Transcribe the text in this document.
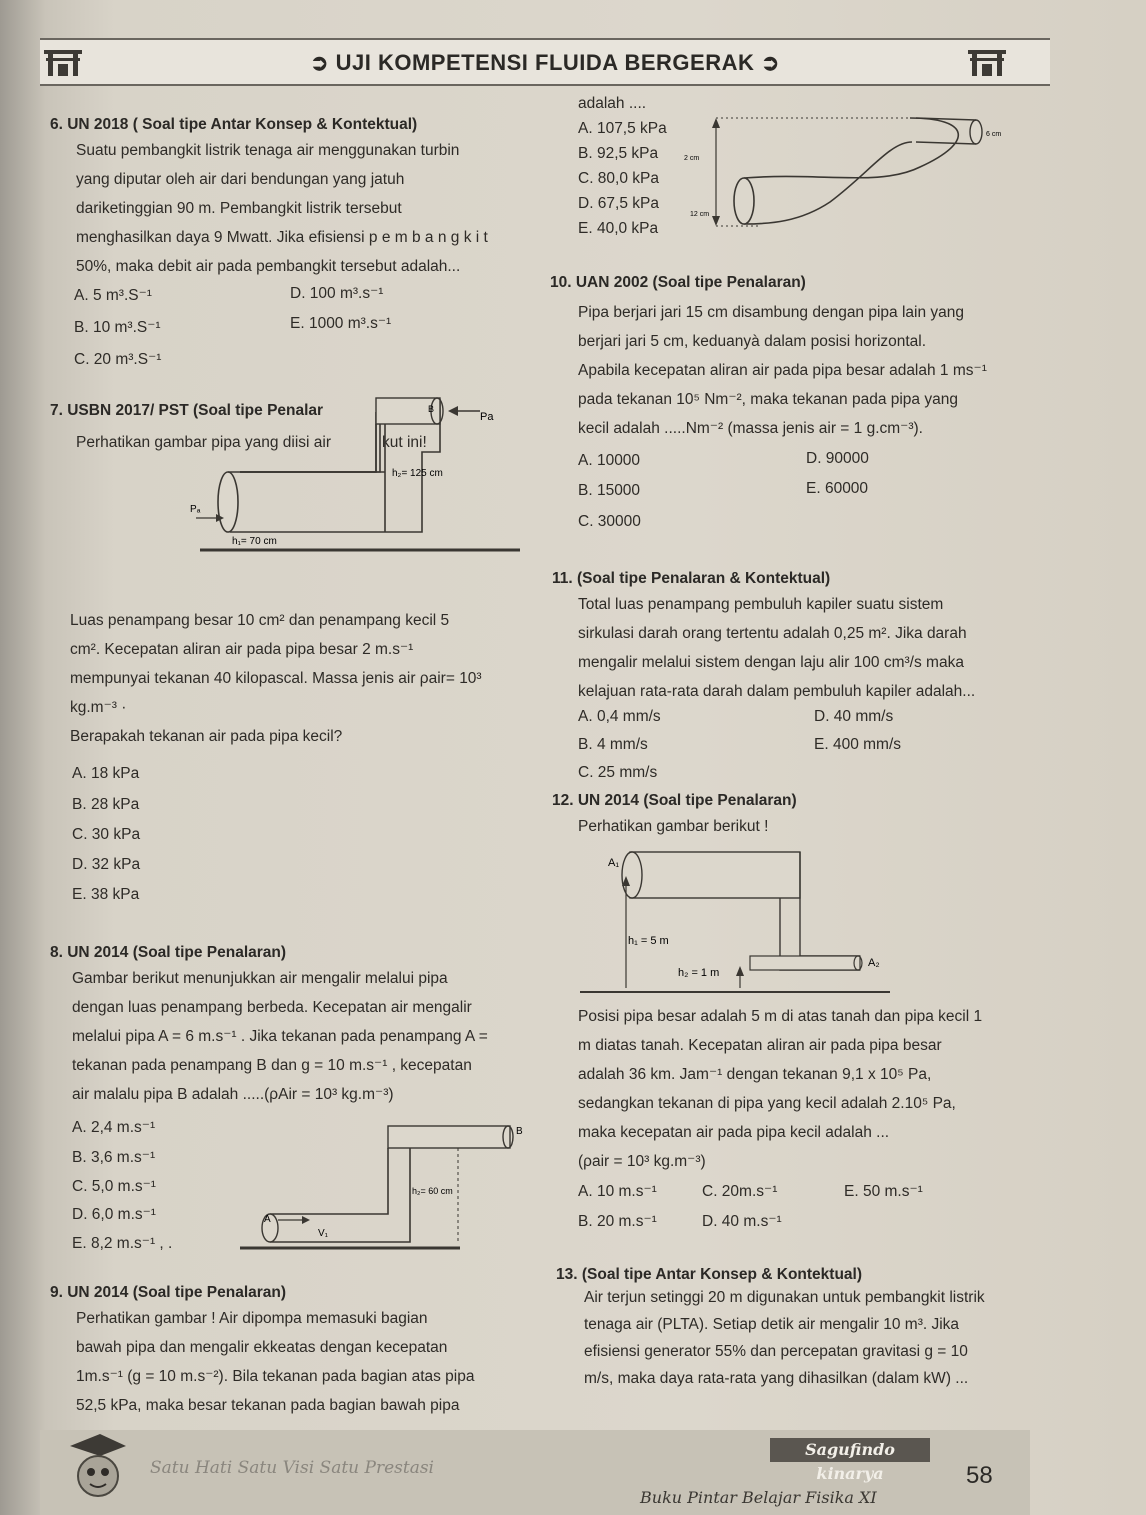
➲ UJI KOMPETENSI FLUIDA BERGERAK ➲
6. UN 2018 ( Soal tipe Antar Konsep & Kontektual)
Suatu pembangkit listrik tenaga air menggunakan turbin
yang diputar oleh air dari bendungan yang jatuh
dariketinggian 90 m. Pembangkit listrik tersebut
menghasilkan daya 9 Mwatt. Jika efisiensi p e m b a n g k i t
50%, maka debit air pada pembangkit tersebut adalah...
A. 5 m³.S⁻¹	D. 100 m³.s⁻¹
B. 10 m³.S⁻¹	E. 1000 m³.s⁻¹
C. 20 m³.S⁻¹
7. USBN 2017/ PST (Soal tipe Penalar
Perhatikan gambar pipa yang diisi air	kut ini!
B
Pa
h₂= 125 cm
Pₐ
h₁= 70 cm
Luas penampang besar 10 cm² dan penampang kecil 5
cm². Kecepatan aliran air pada pipa besar 2 m.s⁻¹
mempunyai tekanan 40 kilopascal. Massa jenis air ρair= 10³
kg.m⁻³ ·
Berapakah tekanan air pada pipa kecil?
A. 18 kPa
B. 28 kPa
C. 30 kPa
D. 32 kPa
E. 38 kPa
8. UN 2014 (Soal tipe Penalaran)
Gambar berikut menunjukkan air mengalir melalui pipa
dengan luas penampang berbeda. Kecepatan air mengalir
melalui pipa A = 6 m.s⁻¹ . Jika tekanan pada penampang A =
tekanan pada penampang B dan g = 10 m.s⁻¹ , kecepatan
air malalu pipa B adalah .....(ρAir = 10³ kg.m⁻³)
A. 2,4 m.s⁻¹
B. 3,6 m.s⁻¹
C. 5,0 m.s⁻¹
D. 6,0 m.s⁻¹
E. 8,2 m.s⁻¹ , .
B
h₂= 60 cm
A
V₁
9. UN 2014 (Soal tipe Penalaran)
Perhatikan gambar ! Air dipompa memasuki bagian
bawah pipa dan mengalir ekkeatas dengan kecepatan
1m.s⁻¹ (g = 10 m.s⁻²). Bila tekanan pada bagian atas pipa
52,5 kPa, maka besar tekanan pada bagian bawah pipa
adalah ....
A. 107,5 kPa
B. 92,5 kPa
C. 80,0 kPa
D. 67,5 kPa
E. 40,0 kPa
6 cm
2 cm
12 cm
10. UAN 2002 (Soal tipe Penalaran)
Pipa berjari jari 15 cm disambung dengan pipa lain yang
berjari jari 5 cm, keduanyà dalam posisi horizontal.
Apabila kecepatan aliran air pada pipa besar adalah 1 ms⁻¹
pada tekanan 10⁵ Nm⁻², maka tekanan pada pipa yang
kecil adalah .....Nm⁻² (massa jenis air = 1 g.cm⁻³).
A. 10000	D. 90000
B. 15000	E. 60000
C. 30000
11. (Soal tipe Penalaran & Kontektual)
Total luas penampang pembuluh kapiler suatu sistem
sirkulasi darah orang tertentu adalah 0,25 m². Jika darah
mengalir melalui sistem dengan laju alir 100 cm³/s maka
kelajuan rata-rata darah dalam pembuluh kapiler adalah...
A. 0,4 mm/s	D. 40 mm/s
B. 4 mm/s	E. 400 mm/s
C. 25 mm/s
12. UN 2014 (Soal tipe Penalaran)
Perhatikan gambar berikut !
A₁
h₁ = 5 m
h₂ = 1 m
A₂
Posisi pipa besar adalah 5 m di atas tanah dan pipa kecil 1
m diatas tanah. Kecepatan aliran air pada pipa besar
adalah 36 km. Jam⁻¹ dengan tekanan 9,1 x 10⁵ Pa,
sedangkan tekanan di pipa yang kecil adalah 2.10⁵ Pa,
maka kecepatan air pada pipa kecil adalah ...
(ρair = 10³ kg.m⁻³)
A. 10 m.s⁻¹	C. 20m.s⁻¹	E. 50 m.s⁻¹
B. 20 m.s⁻¹	D. 40 m.s⁻¹
13. (Soal tipe Antar Konsep & Kontektual)
Air terjun setinggi 20 m digunakan untuk pembangkit listrik
tenaga air (PLTA). Setiap detik air mengalir 10 m³. Jika
efisiensi generator 55% dan percepatan gravitasi g = 10
m/s, maka daya rata-rata yang dihasilkan (dalam kW) ...
Satu Hati Satu Visi Satu Prestasi
Sagufindo kinarya	58
Buku Pintar Belajar Fisika XI
